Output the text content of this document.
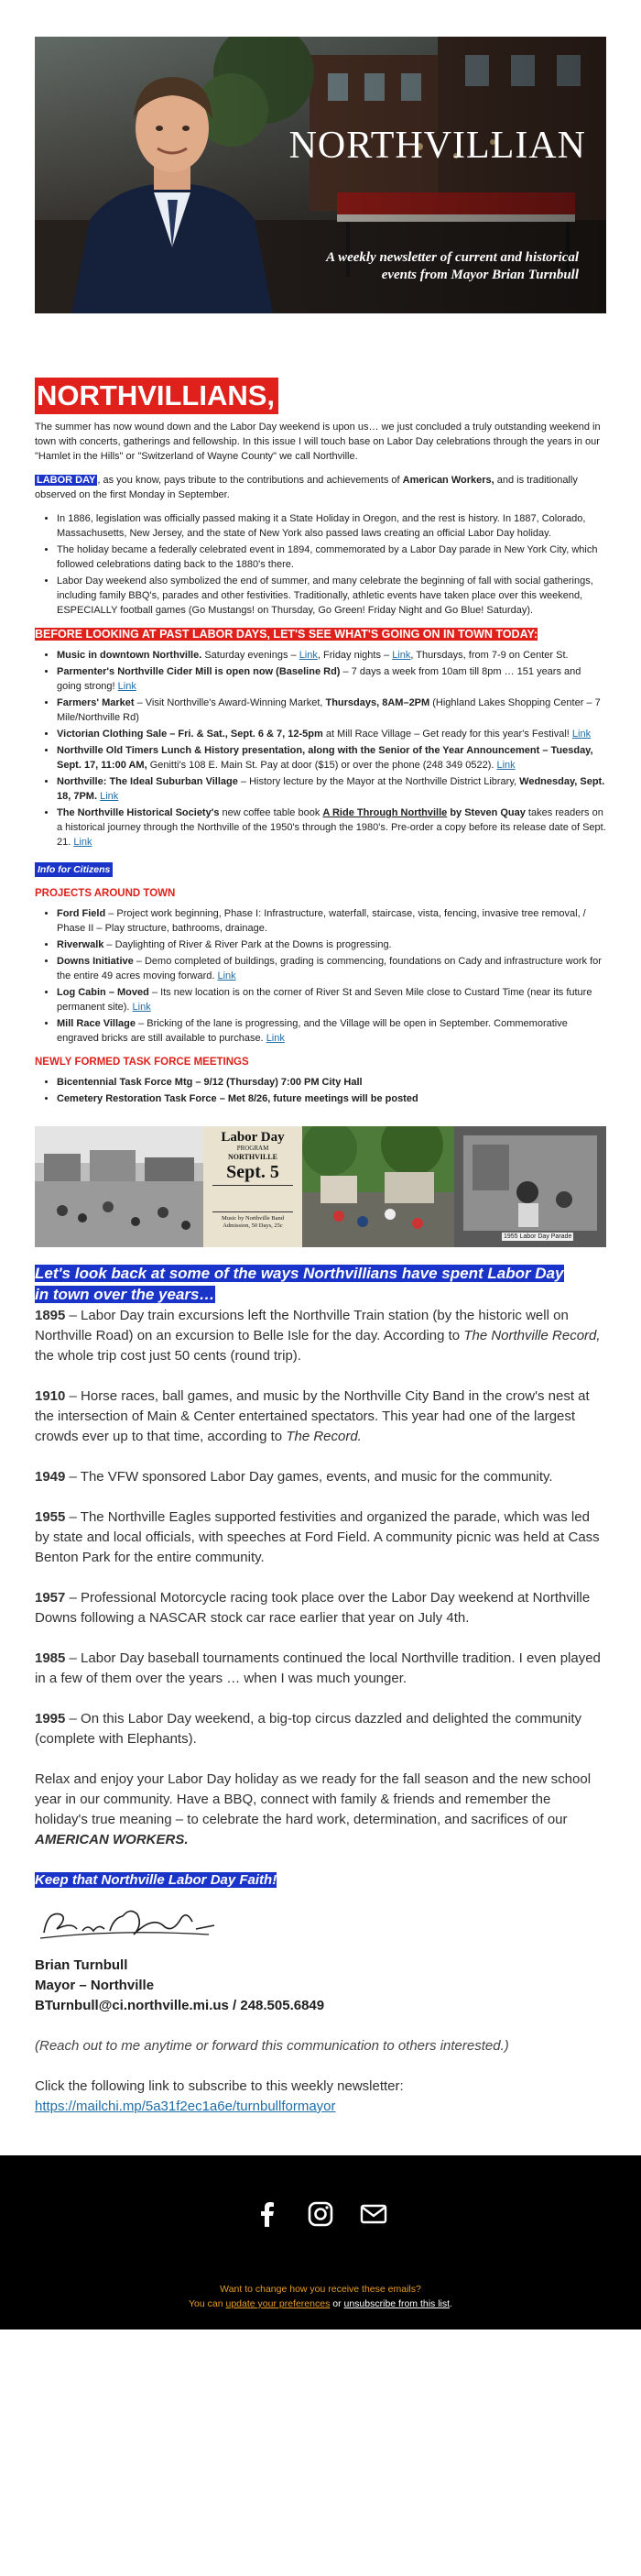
NORTHVILLIAN
A weekly newsletter of current and historical
events from Mayor Brian Turnbull
NORTHVILLIANS,

The summer has now wound down and the Labor Day weekend is upon us… we just concluded a truly outstanding weekend in town with concerts, gatherings and fellowship. In this issue I will touch base on Labor Day celebrations through the years in our "Hamlet in the Hills" or "Switzerland of Wayne County" we call Northville.

LABOR DAY , as you know, pays tribute to the contributions and achievements of American Workers, and is traditionally observed on the first Monday in September.

• In 1886, legislation was officially passed making it a State Holiday in Oregon, and the rest is history. In 1887, Colorado, Massachusetts, New Jersey, and the state of New York also passed laws creating an official Labor Day holiday.
• The holiday became a federally celebrated event in 1894, commemorated by a Labor Day parade in New York City, which followed celebrations dating back to the 1880's there.
• Labor Day weekend also symbolized the end of summer, and many celebrate the beginning of fall with social gatherings, including family BBQ's, parades and other festivities. Traditionally, athletic events have taken place over this weekend, ESPECIALLY football games (Go Mustangs! on Thursday, Go Green! Friday Night and Go Blue! Saturday).
BEFORE LOOKING AT PAST LABOR DAYS, LET'S SEE WHAT'S GOING ON IN TOWN TODAY:
• Music in downtown Northville. Saturday evenings – Link, Friday nights – Link, Thursdays, from 7-9 on Center St.
• Parmenter's Northville Cider Mill is open now (Baseline Rd) – 7 days a week from 10am till 8pm … 151 years and going strong! Link
• Farmers' Market – Visit Northville's Award-Winning Market, Thursdays, 8AM–2PM (Highland Lakes Shopping Center – 7 Mile/Northville Rd)
• Victorian Clothing Sale – Fri. & Sat., Sept. 6 & 7, 12-5pm at Mill Race Village – Get ready for this year's Festival! Link
• Northville Old Timers Lunch & History presentation, along with the Senior of the Year Announcement – Tuesday, Sept. 17, 11:00 AM, Genitti's 108 E. Main St. Pay at door ($15) or over the phone (248 349 0522). Link
• Northville: The Ideal Suburban Village – History lecture by the Mayor at the Northville District Library, Wednesday, Sept. 18, 7PM. Link
• The Northville Historical Society's new coffee table book A Ride Through Northville by Steven Quay takes readers on a historical journey through the Northville of the 1950's through the 1980's. Pre-order a copy before its release date of Sept. 21. Link
Info for Citizens
PROJECTS AROUND TOWN
• Ford Field – Project work beginning, Phase I: Infrastructure, waterfall, staircase, vista, fencing, invasive tree removal, / Phase II – Play structure, bathrooms, drainage.
• Riverwalk – Daylighting of River & River Park at the Downs is progressing.
• Downs Initiative – Demo completed of buildings, grading is commencing, foundations on Cady and infrastructure work for the entire 49 acres moving forward. Link
• Log Cabin – Moved – Its new location is on the corner of River St and Seven Mile close to Custard Time (near its future permanent site). Link
• Mill Race Village – Bricking of the lane is progressing, and the Village will be open in September. Commemorative engraved bricks are still available to purchase. Link
NEWLY FORMED TASK FORCE MEETINGS
• Bicentennial Task Force Mtg – 9/12 (Thursday) 7:00 PM City Hall
• Cemetery Restoration Task Force – Met 8/26, future meetings will be posted
Labor Day
PROGRAM
NORTHVILLE
Sept. 5
Music by Northville Band
Admission, 50 Days, 25c
1955 Labor Day Parade
Let's look back at some of the ways Northvillians have spent Labor Day
in town over the years…

1895 – Labor Day train excursions left the Northville Train station (by the historic well on Northville Road) on an excursion to Belle Isle for the day. According to The Northville Record, the whole trip cost just 50 cents (round trip).

1910 – Horse races, ball games, and music by the Northville City Band in the crow's nest at the intersection of Main & Center entertained spectators. This year had one of the largest crowds ever up to that time, according to The Record.

1949 – The VFW sponsored Labor Day games, events, and music for the community.

1955 – The Northville Eagles supported festivities and organized the parade, which was led by state and local officials, with speeches at Ford Field. A community picnic was held at Cass Benton Park for the entire community.

1957 – Professional Motorcycle racing took place over the Labor Day weekend at Northville Downs following a NASCAR stock car race earlier that year on July 4th.

1985 – Labor Day baseball tournaments continued the local Northville tradition. I even played in a few of them over the years … when I was much younger.

1995 – On this Labor Day weekend, a big-top circus dazzled and delighted the community (complete with Elephants).

Relax and enjoy your Labor Day holiday as we ready for the fall season and the new school year in our community. Have a BBQ, connect with family & friends and remember the holiday's true meaning – to celebrate the hard work, determination, and sacrifices of our AMERICAN WORKERS.

Keep that Northville Labor Day Faith!
Brian Turnbull
Brian Turnbull
Mayor – Northville
BTurnbull@ci.northville.mi.us / 248.505.6849

(Reach out to me anytime or forward this communication to others interested.)

Click the following link to subscribe to this weekly newsletter:
https://mailchi.mp/5a31f2ec1a6e/turnbullformayor
Want to change how you receive these emails?
You can update your preferences or unsubscribe from this list.
